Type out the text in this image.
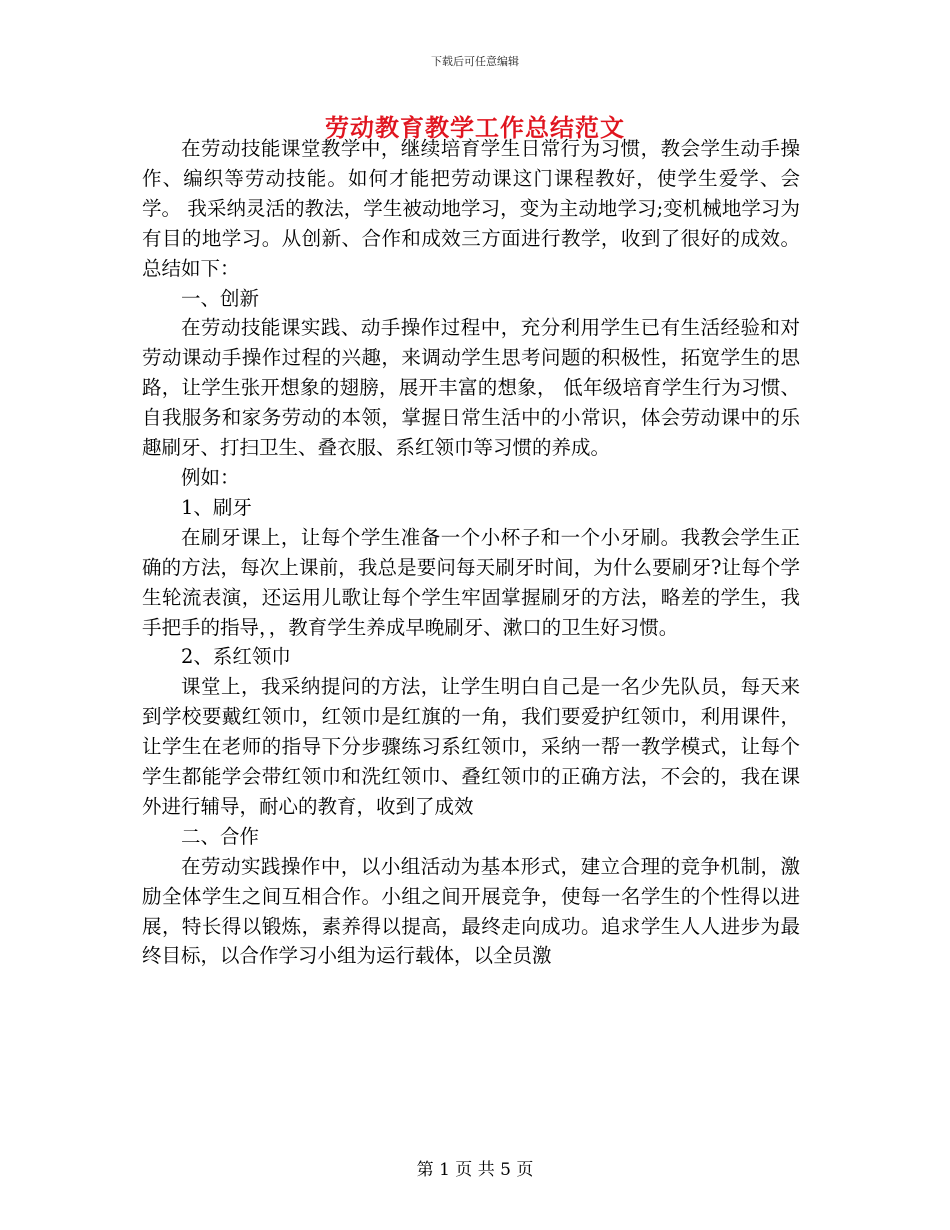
下载后可任意编辑
劳动教育教学工作总结范文

在劳动技能课堂教学中，继续培育学生日常行为习惯，教会学生动手操作、编织等劳动技能。如何才能把劳动课这门课程教好，使学生爱学、会学。 我采纳灵活的教法，学生被动地学习，变为主动地学习;变机械地学习为有目的地学习。从创新、合作和成效三方面进行教学，收到了很好的成效。总结如下：

一、创新

在劳动技能课实践、动手操作过程中，充分利用学生已有生活经验和对劳动课动手操作过程的兴趣，来调动学生思考问题的积极性，拓宽学生的思路，让学生张开想象的翅膀，展开丰富的想象， 低年级培育学生行为习惯、自我服务和家务劳动的本领，掌握日常生活中的小常识，体会劳动课中的乐趣刷牙、打扫卫生、叠衣服、系红领巾等习惯的养成。

例如：

1、刷牙

在刷牙课上，让每个学生准备一个小杯子和一个小牙刷。我教会学生正确的方法，每次上课前，我总是要问每天刷牙时间，为什么要刷牙?让每个学生轮流表演，还运用儿歌让每个学生牢固掌握刷牙的方法，略差的学生，我手把手的指导，，教育学生养成早晚刷牙、漱口的卫生好习惯。

2、系红领巾

课堂上，我采纳提问的方法，让学生明白自己是一名少先队员，每天来到学校要戴红领巾，红领巾是红旗的一角，我们要爱护红领巾，利用课件，让学生在老师的指导下分步骤练习系红领巾，采纳一帮一教学模式，让每个学生都能学会带红领巾和洗红领巾、叠红领巾的正确方法，不会的，我在课外进行辅导，耐心的教育，收到了成效

二、合作

在劳动实践操作中，以小组活动为基本形式，建立合理的竞争机制，激励全体学生之间互相合作。小组之间开展竞争，使每一名学生的个性得以进展，特长得以锻炼，素养得以提高，最终走向成功。追求学生人人进步为最终目标，以合作学习小组为运行载体，以全员激

第 1 页 共 5 页
